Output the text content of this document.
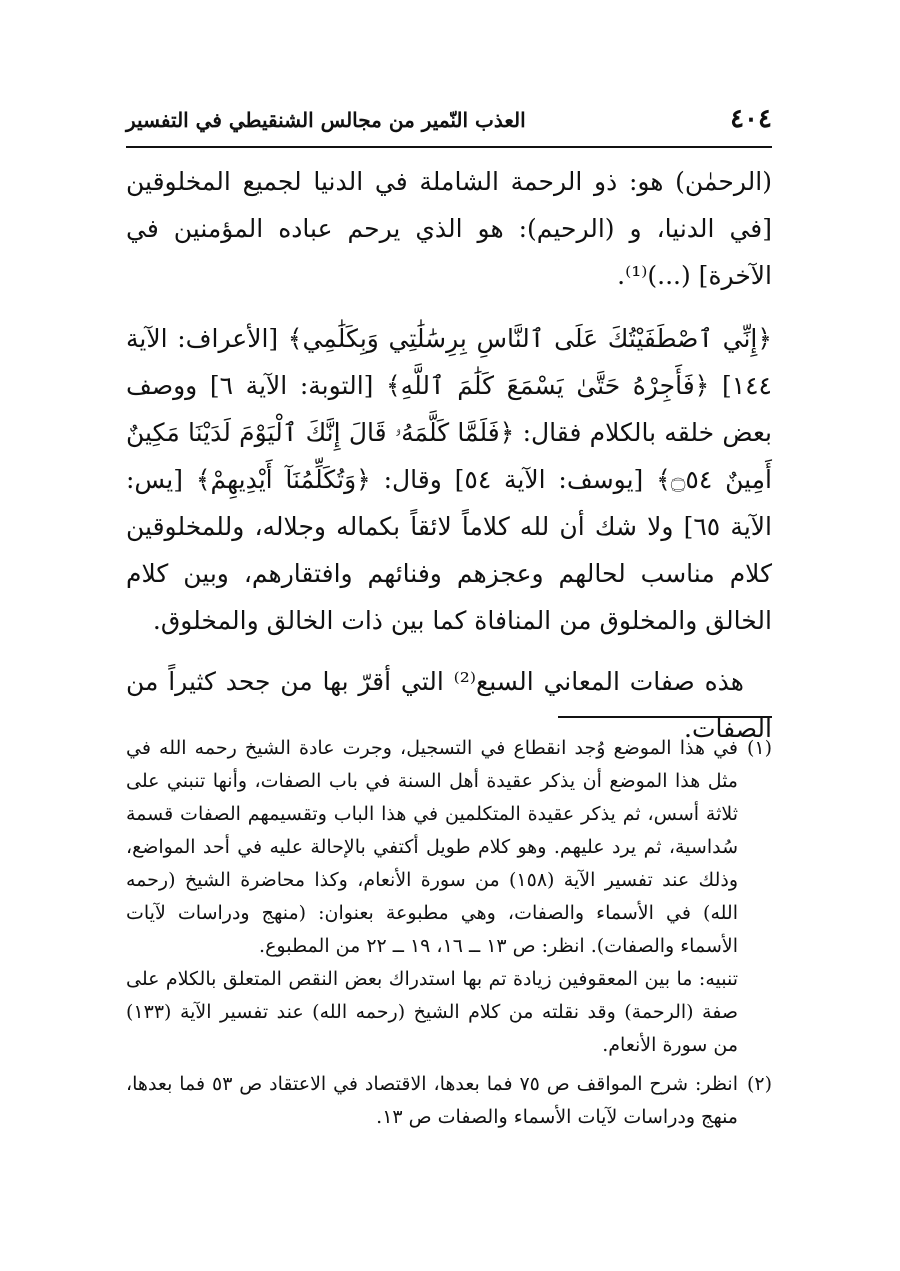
٤٠٤
العذب النّمير من مجالس الشنقيطي في التفسير

(الرحمٰن) هو: ذو الرحمة الشاملة في الدنيا لجميع المخلوقين [في الدنيا، و (الرحيم): هو الذي يرحم عباده المؤمنين في الآخرة] (...)⁽¹⁾.

﴿إِنِّي ٱصْطَفَيْتُكَ عَلَى ٱلنَّاسِ بِرِسَٰلَٰتِي وَبِكَلَٰمِي﴾ [الأعراف: الآية ١٤٤] ﴿فَأَجِرْهُ حَتَّىٰ يَسْمَعَ كَلَٰمَ ٱللَّهِ﴾ [التوبة: الآية ٦] ووصف بعض خلقه بالكلام فقال: ﴿فَلَمَّا كَلَّمَهُۥ قَالَ إِنَّكَ ٱلْيَوْمَ لَدَيْنَا مَكِينٌ أَمِينٌ ۝٥٤﴾ [يوسف: الآية ٥٤] وقال: ﴿وَتُكَلِّمُنَآ أَيْدِيهِمْ﴾ [يس: الآية ٦٥] ولا شك أن لله كلاماً لائقاً بكماله وجلاله، وللمخلوقين كلام مناسب لحالهم وعجزهم وفنائهم وافتقارهم، وبين كلام الخالق والمخلوق من المنافاة كما بين ذات الخالق والمخلوق.

هذه صفات المعاني السبع⁽²⁾ التي أقرّ بها من جحد كثيراً من الصفات.

(١)

في هذا الموضع وُجد انقطاع في التسجيل، وجرت عادة الشيخ رحمه الله في مثل هذا الموضع أن يذكر عقيدة أهل السنة في باب الصفات، وأنها تنبني على ثلاثة أسس، ثم يذكر عقيدة المتكلمين في هذا الباب وتقسيمهم الصفات قسمة سُداسية، ثم يرد عليهم. وهو كلام طويل أكتفي بالإحالة عليه في أحد المواضع، وذلك عند تفسير الآية (١٥٨) من سورة الأنعام، وكذا محاضرة الشيخ (رحمه الله) في الأسماء والصفات، وهي مطبوعة بعنوان: (منهج ودراسات لآيات الأسماء والصفات). انظر: ص ١٣ ــ ١٦، ١٩ ــ ٢٢ من المطبوع.

تنبيه: ما بين المعقوفين زيادة تم بها استدراك بعض النقص المتعلق بالكلام على صفة (الرحمة) وقد نقلته من كلام الشيخ (رحمه الله) عند تفسير الآية (١٣٣) من سورة الأنعام.

(٢)

انظر: شرح المواقف ص ٧٥ فما بعدها، الاقتصاد في الاعتقاد ص ٥٣ فما بعدها، منهج ودراسات لآيات الأسماء والصفات ص ١٣.
